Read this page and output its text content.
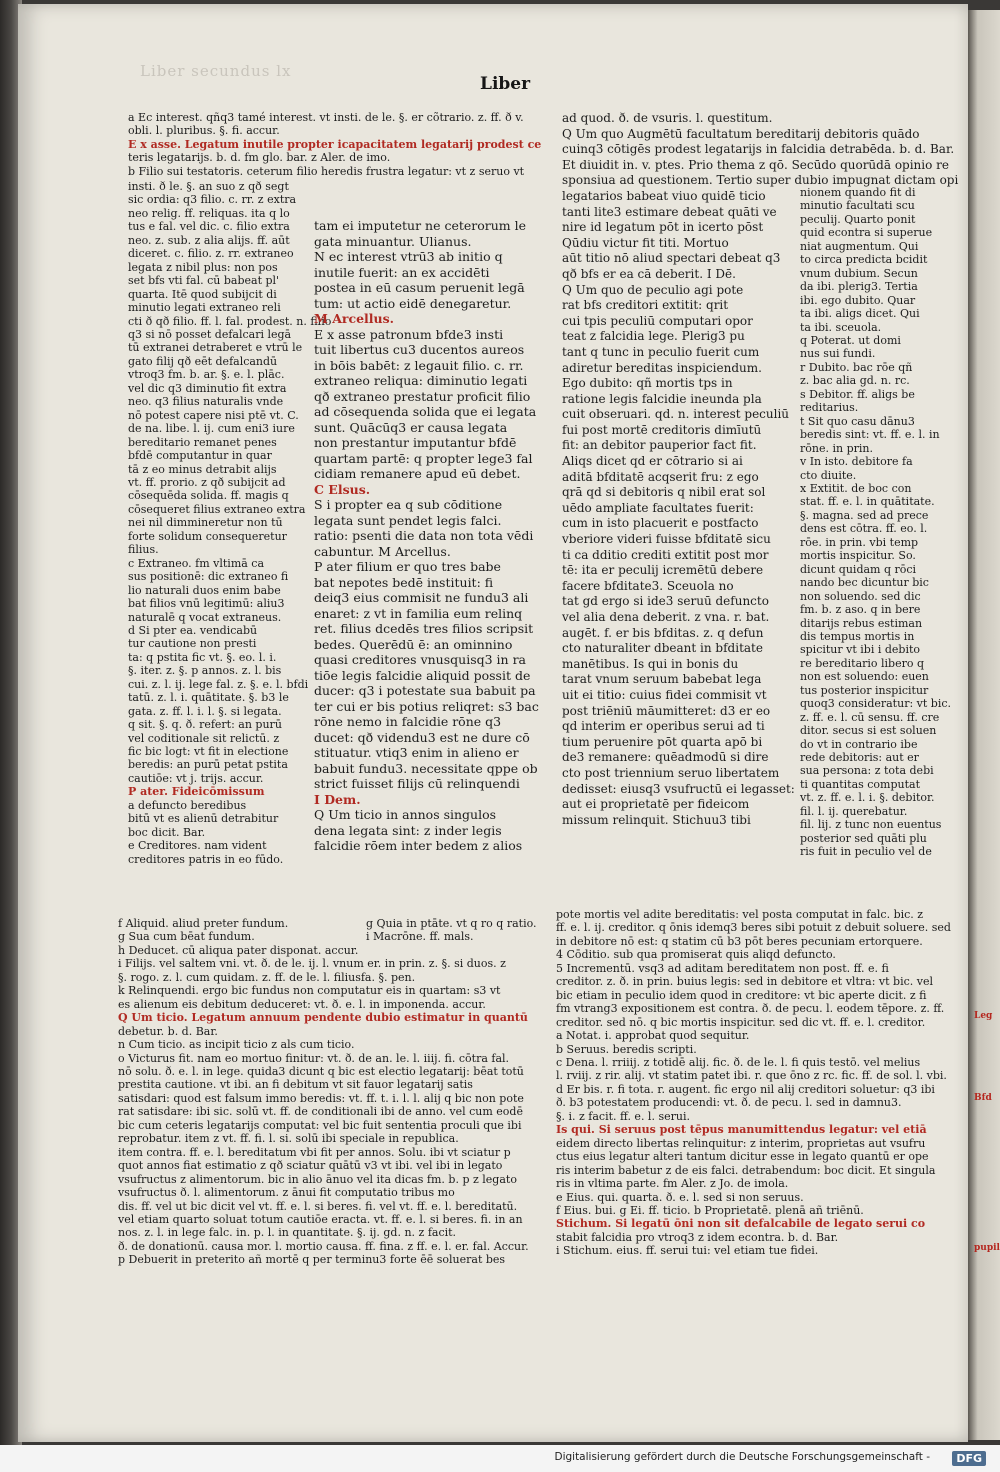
Leg
Bfd
pupil
Liber secundus lx
Liber

a Ec interest. qñq3 tamé interest. vt insti. de le. §. er cõtrario. z. ff. ð v.

obli. l. pluribus. §. fi. accur.

E x asse. Legatum inutile propter icapacitatem legatarij prodest ce

teris legatarijs. b. d. fm glo. bar. z Aler. de imo.

b Filio sui testatoris. ceterum filio heredis frustra legatur: vt z seruo vt

insti. ð le. §. an suo z qð segt

sic ordia: q3 filio. c. rr. z extra

neo relig. ff. reliquas. ita q lo

tus e fal. vel dic. c. filio extra

neo. z. sub. z alia alijs. ff. aūt

diceret. c. filio. z. rr. extraneo

legata z nibil plus: non pos

set bfs vti fal. cū babeat pl'

quarta. Itē quod subijcit di

minutio legati extraneo reli

cti ð qð filio. ff. l. fal. prodest. n. filio

q3 si nō posset defalcari legā

tū extranei detraberet e vtrū le

gato filij qð eēt defalcandū

vtroq3 fm. b. ar. §. e. l. plāc.

vel dic q3 diminutio fit extra

neo. q3 filius naturalis vnde

nō potest capere nisi ptē vt. C.

de na. libe. l. ij. cum eni3 iure

bereditario remanet penes

bfdē computantur in quar

tā z eo minus detrabit alijs

vt. ff. prorio. z qð subijcit ad

cōsequēda solida. ff. magis q

cōsequeret filius extraneo extra

nei nil dimmineretur non tū

forte solidum consequeretur

filius.

c Extraneo. fm vltimā ca

sus positionē: dic extraneo fi

lio naturali duos enim babe

bat filios vnū legitimū: aliu3

naturalē q vocat extraneus.

d Si pter ea. vendicabū

tur cautione non presti

ta: q pstita fic vt. §. eo. l. i.

§. iter. z. §. p annos. z. l. bis

cui. z. l. ij. lege fal. z. §. e. l. bfdi

tatū. z. l. i. quātitate. §. b3 le

gata. z. ff. l. i. l. §. si legata.

q sit. §. q. ð. refert: an purū

vel coditionale sit relictū. z

fic bic logt: vt fit in electione

beredis: an purū petat pstita

cautiōe: vt j. trijs. accur.

P ater. Fideicōmissum

a defuncto beredibus

bitū vt es alienū detrabitur

boc dicit. Bar.

e Creditores. nam vident

creditores patris in eo fūdo.

tam ei imputetur ne ceterorum le

gata minuantur. Ulianus.

N ec interest vtrū3 ab initio q

inutile fuerit: an ex accidēti

postea in eū casum peruenit legā

tum: ut actio eidē denegaretur.

M Arcellus.

E x asse patronum bfde3 insti

tuit libertus cu3 ducentos aureos

in bōis babēt: z legauit filio. c. rr.

extraneo reliqua: diminutio legati

qð extraneo prestatur proficit filio

ad cōsequenda solida que ei legata

sunt. Quācūq3 er causa legata

non prestantur imputantur bfdē

quartam partē: q propter lege3 fal

cidiam remanere apud eū debet.

C Elsus.

S i propter ea q sub cōditione

legata sunt pendet legis falci.

ratio: psenti die data non tota vēdi

cabuntur. M Arcellus.

P ater filium er quo tres babe

bat nepotes bedē instituit: fi

deiq3 eius commisit ne fundu3 ali

enaret: z vt in familia eum relinq

ret. filius dcedēs tres filios scripsit

bedes. Querēdū ē: an ominnino

quasi creditores vnusquisq3 in ra

tiōe legis falcidie aliquid possit de

ducer: q3 i potestate sua babuit pa

ter cui er bis potius reliqret: s3 bac

rōne nemo in falcidie rōne q3

ducet: qð videndu3 est ne dure cō

stituatur. vtiq3 enim in alieno er

babuit fundu3. necessitate qppe ob

strict fuisset filijs cū relinquendi

I Dem.

Q Um ticio in annos singulos

dena legata sint: z inder legis

falcidie rōem inter bedem z alios

ad quod. ð. de vsuris. l. questitum.

Q Um quo Augmētū facultatum bereditarij debitoris quādo

cuinq3 cōtigēs prodest legatarijs in falcidia detrabēda. b. d. Bar.

Et diuidit in. v. ptes. Prio thema z qō. Secūdo quorūdā opinio re

sponsiua ad questionem. Tertio super dubio impugnat dictam opi

legatarios babeat viuo quidē ticio

tanti lite3 estimare debeat quāti ve

nire id legatum pōt in icerto pōst

Qūdiu victur fit titi. Mortuo

aūt titio nō aliud spectari debeat q3

qð bfs er ea cā deberit. I Dē.

Q Um quo de peculio agi pote

rat bfs creditori extitit: qrit

cui tpis peculiū computari opor

teat z falcidia lege. Plerig3 pu

tant q tunc in peculio fuerit cum

adiretur bereditas inspiciendum.

Ego dubito: qñ mortis tps in

ratione legis falcidie ineunda pla

cuit obseruari. qd. n. interest peculiū

fui post mortē creditoris dimīutū

fit: an debitor pauperior fact fit.

Aliqs dicet qd er cōtrario si ai

aditā bfditatē acqserit fru: z ego

qrā qd si debitoris q nibil erat sol

uēdo ampliate facultates fuerit:

cum in isto placuerit e postfacto

vberiore videri fuisse bfditatē sicu

ti ca dditio crediti extitit post mor

tē: ita er peculij icremētū debere

facere bfditate3. Sceuola no

tat gd ergo si ide3 seruū defuncto

vel alia dena deberit. z vna. r. bat.

augēt. f. er bis bfditas. z. q defun

cto naturaliter dbeant in bfditate

manētibus. Is qui in bonis du

tarat vnum seruum babebat lega

uit ei titio: cuius fidei commisit vt

post triēniū māumitteret: d3 er eo

qd interim er operibus serui ad ti

tium peruenire pōt quarta apō bi

de3 remanere: quēadmodū si dire

cto post triennium seruo libertatem

dedisset: eiusq3 vsufructū ei legasset:

aut ei proprietatē per fideicom

missum relinquit. Stichuu3 tibi

nionem quando fit di

minutio facultati scu

peculij. Quarto ponit

quid econtra si superue

niat augmentum. Qui

to circa predicta bcidit

vnum dubium. Secun

da ibi. plerig3. Tertia

ibi. ego dubito. Quar

ta ibi. aligs dicet. Qui

ta ibi. sceuola.

q Poterat. ut domi

nus sui fundi.

r Dubito. bac rōe qñ

z. bac alia gd. n. rc.

s Debitor. ff. aligs be

reditarius.

t Sit quo casu dānu3

beredis sint: vt. ff. e. l. in

rōne. in prin.

v In isto. debitore fa

cto diuite.

x Extitit. de boc con

stat. ff. e. l. in quātitate.

§. magna. sed ad prece

dens est cōtra. ff. eo. l.

rōe. in prin. vbi temp

mortis inspicitur. So.

dicunt quidam q rōci

nando bec dicuntur bic

non soluendo. sed dic

fm. b. z aso. q in bere

ditarijs rebus estiman

dis tempus mortis in

spicitur vt ibi i debito

re bereditario libero q

non est soluendo: euen

tus posterior inspicitur

quoq3 consideratur: vt bic.

z. ff. e. l. cū sensu. ff. cre

ditor. secus si est soluen

do vt in contrario ibe

rede debitoris: aut er

sua persona: z tota debi

ti quantitas computat

vt. z. ff. e. l. i. §. debitor.

fil. l. ij. querebatur.

fil. lij. z tunc non euentus

posterior sed quāti plu

ris fuit in peculio vel de

f Aliquid. aliud preter fundum.

g Sua cum bēat fundum.

h Deducet. cū aliqua pater disponat. accur.

i Filijs. vel saltem vni. vt. ð. de le. ij. l. vnum er. in prin. z. §. si duos. z

§. rogo. z. l. cum quidam. z. ff. de le. l. filiusfa. §. pen.

k Relinquendi. ergo bic fundus non computatur eis in quartam: s3 vt

es alienum eis debitum deduceret: vt. ð. e. l. in imponenda. accur.

Q Um ticio. Legatum annuum pendente dubio estimatur in quantū

debetur. b. d. Bar.

n Cum ticio. as incipit ticio z als cum ticio.

o Victurus fit. nam eo mortuo finitur: vt. ð. de an. le. l. iiij. fi. cōtra fal.

nō solu. ð. e. l. in lege. quida3 dicunt q bic est electio legatarij: bēat totū

prestita cautione. vt ibi. an fi debitum vt sit fauor legatarij satis

satisdari: quod est falsum immo beredis: vt. ff. t. i. l. l. alij q bic non pote

rat satisdare: ibi sic. solū vt. ff. de conditionali ibi de anno. vel cum eodē

bic cum ceteris legatarijs computat: vel bic fuit sententia proculi que ibi

reprobatur. item z vt. ff. fi. l. si. solū ibi speciale in republica.

item contra. ff. e. l. bereditatum vbi fit per annos. Solu. ibi vt sciatur p

quot annos fiat estimatio z qð sciatur quātū v3 vt ibi. vel ibi in legato

vsufructus z alimentorum. bic in alio ānuo vel ita dicas fm. b. p z legato

vsufructus ð. l. alimentorum. z ānui fit computatio tribus mo

dis. ff. vel ut bic dicit vel vt. ff. e. l. si beres. fi. vel vt. ff. e. l. bereditatū.

vel etiam quarto soluat totum cautiōe eracta. vt. ff. e. l. si beres. fi. in an

nos. z. l. in lege falc. in. p. l. in quantitate. §. ij. gd. n. z facit.

ð. de donationū. causa mor. l. mortio causa. ff. fina. z ff. e. l. er. fal. Accur.

p Debuerit in preterito añ mortē q per terminu3 forte ēē soluerat bes

g Quia in ptāte. vt q ro q ratio.

i Macrōne. ff. mals.

pote mortis vel adite bereditatis: vel posta computat in falc. bic. z

ff. e. l. ij. creditor. q ōnis idemq3 beres sibi potuit z debuit soluere. sed

in debitore nō est: q statim cū b3 pōt beres pecuniam ertorquere.

4 Cōditio. sub qua promiserat quis aliqd defuncto.

5 Incrementū. vsq3 ad aditam bereditatem non post. ff. e. fi

creditor. z. ð. in prin. buius legis: sed in debitore et vltra: vt bic. vel

bic etiam in peculio idem quod in creditore: vt bic aperte dicit. z fi

fm vtrang3 expositionem est contra. ð. de pecu. l. eodem tēpore. z. ff.

creditor. sed nō. q bic mortis inspicitur. sed dic vt. ff. e. l. creditor.

a Notat. i. approbat quod sequitur.

b Seruus. beredis scripti.

c Dena. l. rriiij. z totidē alij. fic. ð. de le. l. fi quis testō. vel melius

l. rviij. z rir. alij. vt statim patet ibi. r. que ōno z rc. fic. ff. de sol. l. vbi.

d Er bis. r. fi tota. r. augent. fic ergo nil alij creditori soluetur: q3 ibi

ð. b3 potestatem producendi: vt. ð. de pecu. l. sed in damnu3.

§. i. z facit. ff. e. l. serui.

Is qui. Si seruus post tēpus manumittendus legatur: vel etiā

eidem directo libertas relinquitur: z interim, proprietas aut vsufru

ctus eius legatur alteri tantum dicitur esse in legato quantū er ope

ris interim babetur z de eis falci. detrabendum: boc dicit. Et singula

ris in vltima parte. fm Aler. z Jo. de imola.

e Eius. qui. quarta. ð. e. l. sed si non seruus.

f Eius. bui. g Ei. ff. ticio. b Proprietatē. plenā añ triēnū.

Stichum. Si legatū ōni non sit defalcabile de legato serui co

stabit falcidia pro vtroq3 z idem econtra. b. d. Bar.

i Stichum. eius. ff. serui tui: vel etiam tue fidei.

Digitalisierung gefördert durch die Deutsche Forschungsgemeinschaft -	DFG
